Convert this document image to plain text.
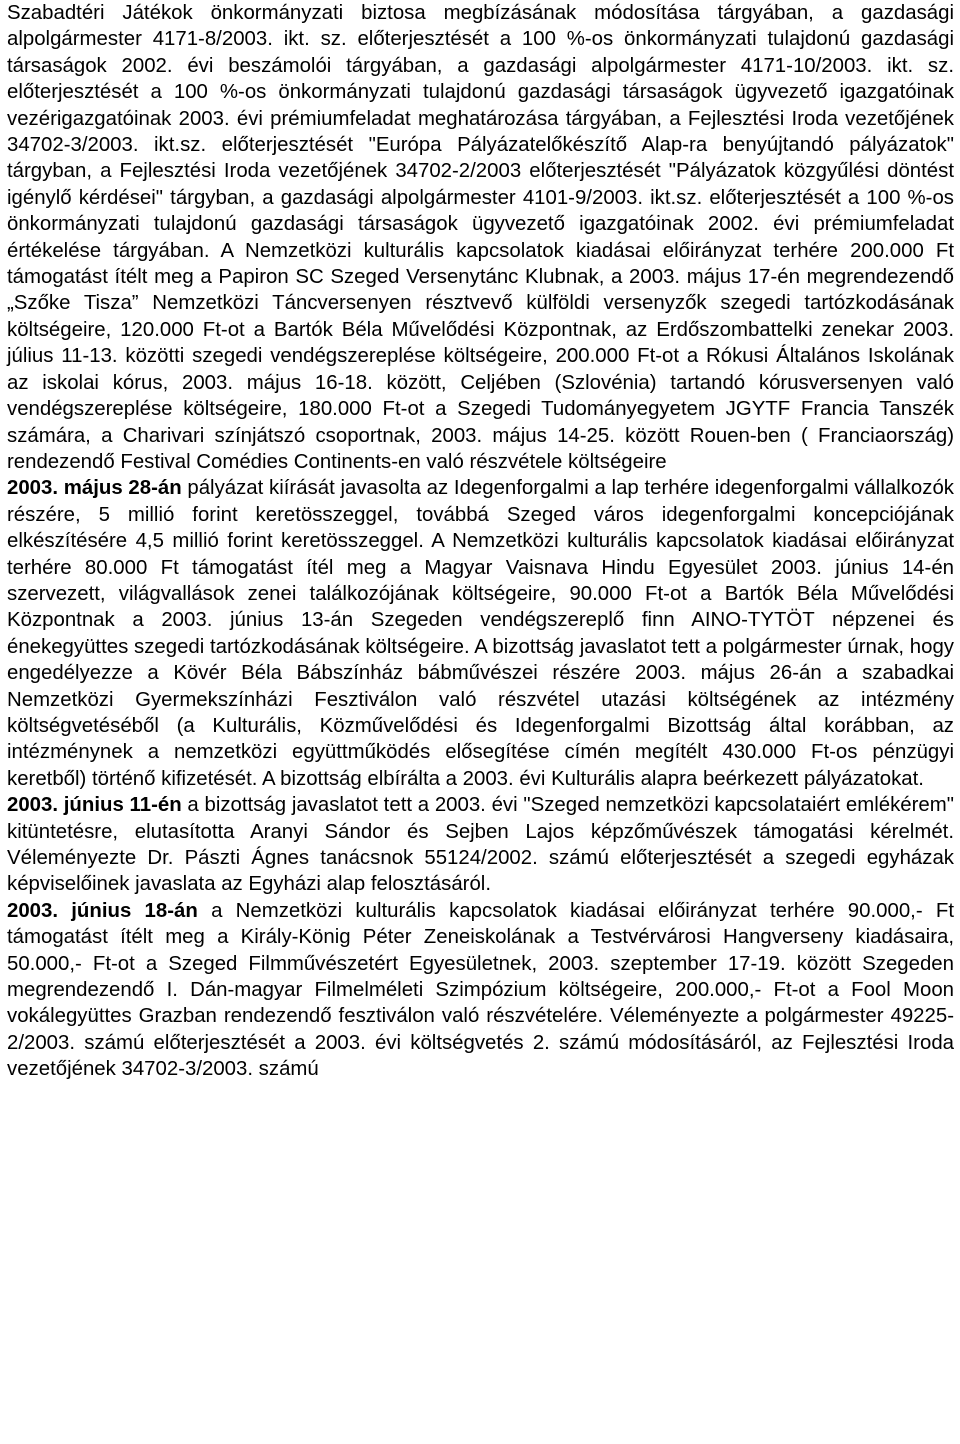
Szabadtéri Játékok önkormányzati biztosa megbízásának módosítása tárgyában, a gazdasági alpolgármester 4171-8/2003. ikt. sz. előterjesztését a 100 %-os önkormányzati tulajdonú gazdasági társaságok 2002. évi beszámolói tárgyában, a gazdasági alpolgármester 4171-10/2003. ikt. sz. előterjesztését a 100 %-os önkormányzati tulajdonú gazdasági társaságok ügyvezető igazgatóinak vezérigazgatóinak 2003. évi prémiumfeladat meghatározása tárgyában, a Fejlesztési Iroda vezetőjének 34702-3/2003. ikt.sz. előterjesztését "Európa Pályázatelőkészítő Alap-ra benyújtandó pályázatok" tárgyban, a Fejlesztési Iroda vezetőjének 34702-2/2003 előterjesztését "Pályázatok közgyűlési döntést igénylő kérdései" tárgyban, a gazdasági alpolgármester 4101-9/2003. ikt.sz. előterjesztését a 100 %-os önkormányzati tulajdonú gazdasági társaságok ügyvezető igazgatóinak 2002. évi prémiumfeladat értékelése tárgyában. A Nemzetközi kulturális kapcsolatok kiadásai előirányzat terhére 200.000 Ft támogatást ítélt meg a Papiron SC Szeged Versenytánc Klubnak, a 2003. május 17-én megrendezendő „Szőke Tisza” Nemzetközi Táncversenyen résztvevő külföldi versenyzők szegedi tartózkodásának költségeire, 120.000 Ft-ot a Bartók Béla Művelődési Központnak, az Erdőszombattelki zenekar 2003. július 11-13. közötti szegedi vendégszereplése költségeire, 200.000 Ft-ot a Rókusi Általános Iskolának az iskolai kórus, 2003. május 16-18. között, Celjében (Szlovénia) tartandó kórusversenyen való vendégszereplése költségeire, 180.000 Ft-ot a Szegedi Tudományegyetem JGYTF Francia Tanszék számára, a Charivari színjátszó csoportnak, 2003. május 14-25. között Rouen-ben ( Franciaország) rendezendő Festival Comédies Continents-en való részvétele költségeire

2003. május 28-án pályázat kiírását javasolta az Idegenforgalmi a lap terhére idegenforgalmi vállalkozók részére, 5 millió forint keretösszeggel, továbbá Szeged város idegenforgalmi koncepciójának elkészítésére 4,5 millió forint keretösszeggel. A Nemzetközi kulturális kapcsolatok kiadásai előirányzat terhére 80.000 Ft támogatást ítél meg a Magyar Vaisnava Hindu Egyesület 2003. június 14-én szervezett, világvallások zenei találkozójának költségeire, 90.000 Ft-ot a Bartók Béla Művelődési Központnak a 2003. június 13-án Szegeden vendégszereplő finn AINO-TYTÖT népzenei és énekegyüttes szegedi tartózkodásának költségeire. A bizottság javaslatot tett a polgármester úrnak, hogy engedélyezze a Kövér Béla Bábszínház bábművészei részére 2003. május 26-án a szabadkai Nemzetközi Gyermekszínházi Fesztiválon való részvétel utazási költségének az intézmény költségvetéséből (a Kulturális, Közművelődési és Idegenforgalmi Bizottság által korábban, az intézménynek a nemzetközi együttműködés elősegítése címén megítélt 430.000 Ft-os pénzügyi keretből) történő kifizetését. A bizottság elbírálta a 2003. évi Kulturális alapra beérkezett pályázatokat.

2003. június 11-én a bizottság javaslatot tett a 2003. évi "Szeged nemzetközi kapcsolataiért emlékérem" kitüntetésre, elutasította Aranyi Sándor és Sejben Lajos képzőművészek támogatási kérelmét. Véleményezte Dr. Pászti Ágnes tanácsnok 55124/2002. számú előterjesztését a szegedi egyházak képviselőinek javaslata az Egyházi alap felosztásáról.

2003. június 18-án a Nemzetközi kulturális kapcsolatok kiadásai előirányzat terhére 90.000,- Ft támogatást ítélt meg a Király-König Péter Zeneiskolának a Testvérvárosi Hangverseny kiadásaira, 50.000,- Ft-ot a Szeged Filmművészetért Egyesületnek, 2003. szeptember 17-19. között Szegeden megrendezendő I. Dán-magyar Filmelméleti Szimpózium költségeire, 200.000,- Ft-ot a Fool Moon vokálegyüttes Grazban rendezendő fesztiválon való részvételére. Véleményezte a polgármester 49225-2/2003. számú előterjesztését a 2003. évi költségvetés 2. számú módosításáról, az Fejlesztési Iroda vezetőjének 34702-3/2003. számú
